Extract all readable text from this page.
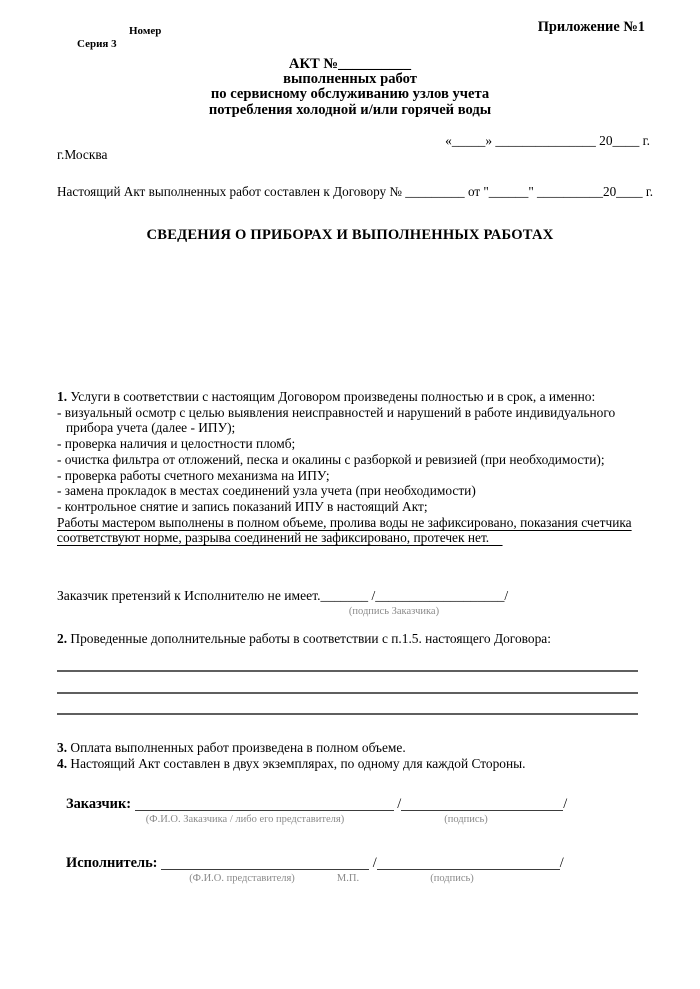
Номер
Серия 3
Приложение №1
АКТ №__________
выполненных работ
по сервисному обслуживанию узлов учета
потребления холодной и/или горячей воды
«_____» _______________ 20____ г.
г.Москва
Настоящий Акт выполненных работ составлен к Договору № _________ от "______" __________20____ г.
СВЕДЕНИЯ О ПРИБОРАХ И ВЫПОЛНЕННЫХ РАБОТАХ
1. Услуги в соответствии с настоящим Договором произведены полностью и в срок, а именно:
- визуальный осмотр с целью выявления неисправностей и нарушений в работе индивидуального
прибора учета (далее - ИПУ);
- проверка наличия и целостности пломб;
- очистка фильтра от отложений, песка и окалины с разборкой и ревизией (при необходимости);
- проверка работы счетного механизма на ИПУ;
- замена прокладок в местах соединений узла учета (при необходимости)
- контрольное снятие и запись показаний ИПУ в настоящий Акт;
Работы мастером выполнены в полном объеме, пролива воды не зафиксировано, показания счетчика
соответствуют норме, разрыва соединений не зафиксировано, протечек нет.
Заказчик претензий к Исполнителю не имеет._______ /___________________/
(подпись Заказчика)
2. Проведенные дополнительные работы в соответствии с п.1.5. настоящего Договора:
3. Оплата выполненных работ произведена в полном объеме.
4. Настоящий Акт составлен в двух экземплярах, по одному для каждой Стороны.
Заказчик:	/	/
(Ф.И.О. Заказчика / либо его представителя)	(подпись)
Исполнитель:	/	/
(Ф.И.О. представителя)	М.П.	(подпись)
